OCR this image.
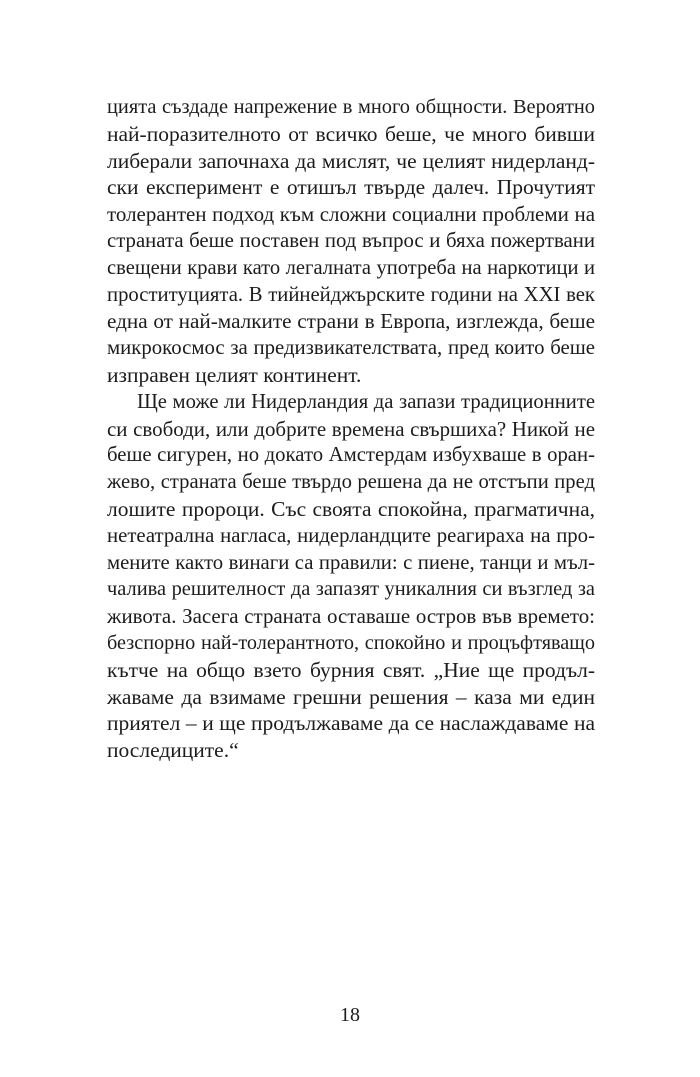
цията създаде напрежение в много общности. Вероятно
най-поразителното от всичко беше, че много бивши
либерали започнаха да мислят, че целият нидерланд-
ски експеримент е отишъл твърде далеч. Прочутият
толерантен подход към сложни социални проблеми на
страната беше поставен под въпрос и бяха пожертвани
свещени крави като легалната употреба на наркотици и
проституцията. В тийнейджърските години на XXI век
една от най-малките страни в Европа, изглежда, беше
микрокосмос за предизвикателствата, пред които беше
изправен целият континент.
Ще може ли Нидерландия да запази традиционните
си свободи, или добрите времена свършиха? Никой не
беше сигурен, но докато Амстердам избухваше в оран-
жево, страната беше твърдо решена да не отстъпи пред
лошите пророци. Със своята спокойна, прагматична,
нетеатрална нагласа, нидерландците реагираха на про-
мените както винаги са правили: с пиене, танци и мъл-
чалива решителност да запазят уникалния си възглед за
живота. Засега страната оставаше остров във времето:
безспорно най-толерантното, спокойно и процъфтяващо
кътче на общо взето бурния свят. „Ние ще продъл-
жаваме да взимаме грешни решения – каза ми един
приятел – и ще продължаваме да се наслаждаваме на
последиците.“
18
